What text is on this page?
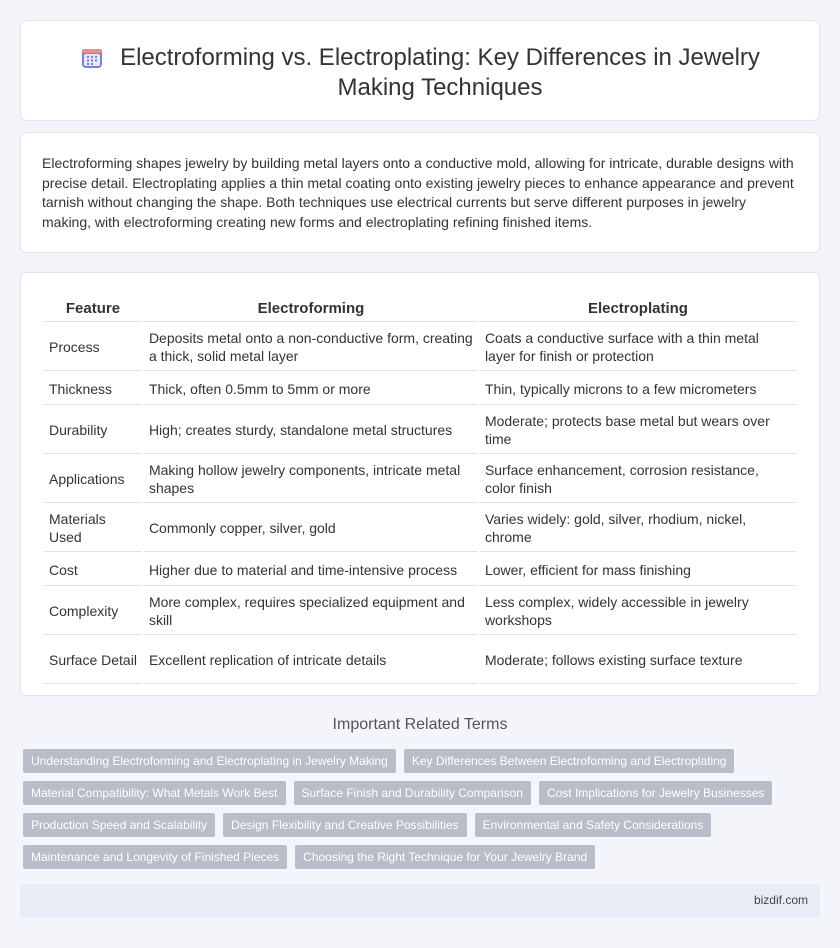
Electroforming vs. Electroplating: Key Differences in Jewelry Making Techniques

Electroforming shapes jewelry by building metal layers onto a conductive mold, allowing for intricate, durable designs with precise detail. Electroplating applies a thin metal coating onto existing jewelry pieces to enhance appearance and prevent tarnish without changing the shape. Both techniques use electrical currents but serve different purposes in jewelry making, with electroforming creating new forms and electroplating refining finished items.

Feature	Electroforming	Electroplating
Process	Deposits metal onto a non-conductive form, creating a thick, solid metal layer	Coats a conductive surface with a thin metal layer for finish or protection
Thickness	Thick, often 0.5mm to 5mm or more	Thin, typically microns to a few micrometers
Durability	High; creates sturdy, standalone metal structures	Moderate; protects base metal but wears over time
Applications	Making hollow jewelry components, intricate metal shapes	Surface enhancement, corrosion resistance, color finish
Materials Used	Commonly copper, silver, gold	Varies widely: gold, silver, rhodium, nickel, chrome
Cost	Higher due to material and time-intensive process	Lower, efficient for mass finishing
Complexity	More complex, requires specialized equipment and skill	Less complex, widely accessible in jewelry workshops
Surface Detail	Excellent replication of intricate details	Moderate; follows existing surface texture
Important Related Terms
Understanding Electroforming and Electroplating in Jewelry Making	Key Differences Between Electroforming and Electroplating
Material Compatibility: What Metals Work Best	Surface Finish and Durability Comparison	Cost Implications for Jewelry Businesses
Production Speed and Scalability	Design Flexibility and Creative Possibilities	Environmental and Safety Considerations
Maintenance and Longevity of Finished Pieces	Choosing the Right Technique for Your Jewelry Brand
bizdif.com
